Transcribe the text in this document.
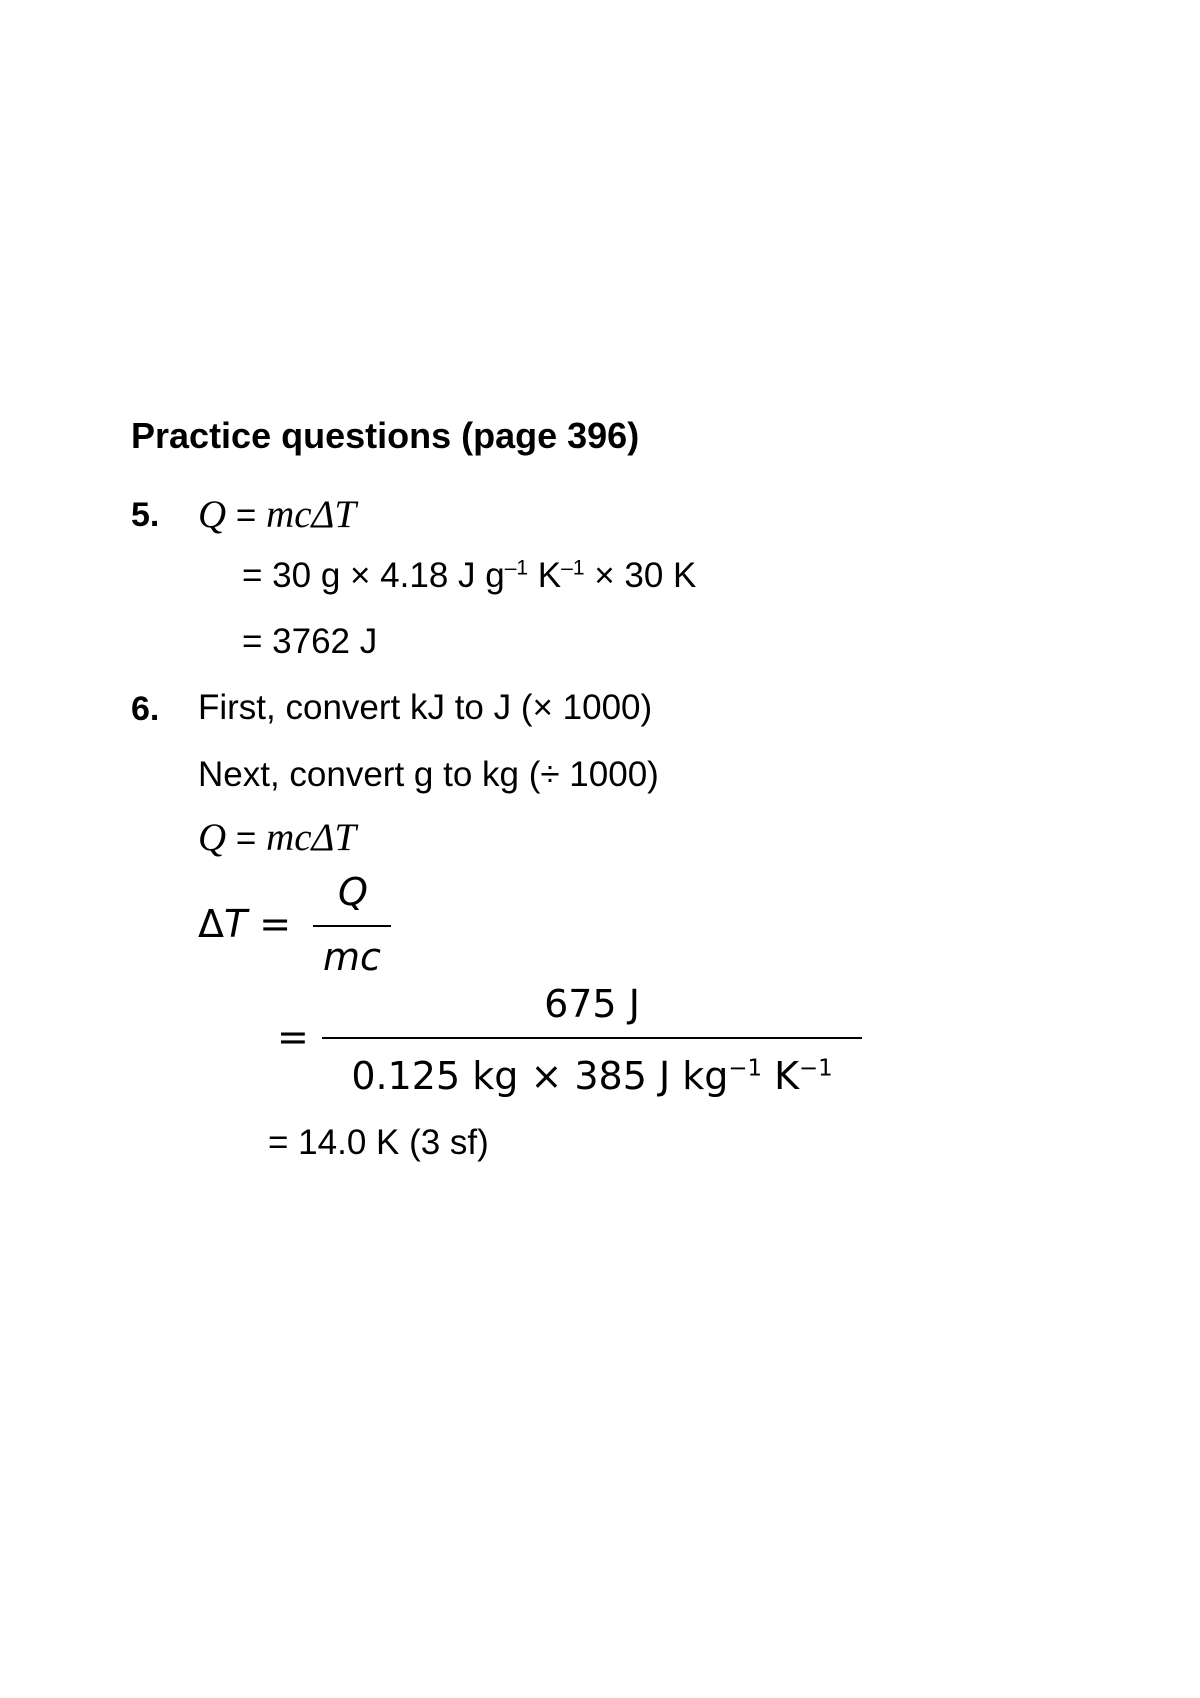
Practice questions (page 396)
5. Q = mcΔT
= 30 g × 4.18 J $g^{-1}$ $K^{-1} \times 30$ K
= 3762 J
6. First, convert kJ to J (× 1000)
Next, convert g to kg (÷ 1000)
Q = mcΔT
ΔT =
Q
mc
=
675 J
0.125 kg × 385 J $kg^{-1}$ $K^{-1}$
= 14.0 K (3 sf)
